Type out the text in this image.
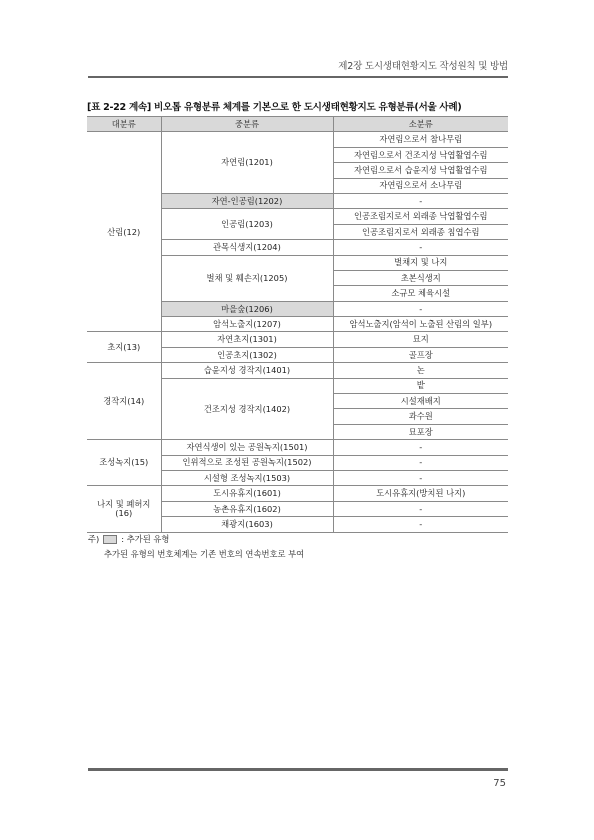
제2장 도시생태현황지도 작성원칙 및 방법
[표 2-22 계속] 비오톱 유형분류 체계를 기본으로 한 도시생태현황지도 유형분류(서울 사례)
대분류	중분류	소분류
산림(12)	자연림(1201)	자연림으로서 참나무림
		자연림으로서 건조지성 낙엽활엽수림
		자연림으로서 습윤지성 낙엽활엽수림
		자연림으로서 소나무림
	자연-인공림(1202)	-
	인공림(1203)	인공조림지로서 외래종 낙엽활엽수림
		인공조림지로서 외래종 침엽수림
	관목식생지(1204)	-
	벌채 및 훼손지(1205)	벌채지 및 나지
		초본식생지
		소규모 체육시설
	마을숲(1206)	-
	암석노출지(1207)	암석노출지(암석이 노출된 산림의 일부)
초지(13)	자연초지(1301)	묘지
	인공초지(1302)	골프장
경작지(14)	습윤지성 경작지(1401)	논
	건조지성 경작지(1402)	밭
		시설재배지
		과수원
		묘포장
조성녹지(15)	자연식생이 있는 공원녹지(1501)	-
	인위적으로 조성된 공원녹지(1502)	-
	시설형 조성녹지(1503)	-
나지 및 폐허지 (16)	도시유휴지(1601)	도시유휴지(방치된 나지)
	농촌유휴지(1602)	-
	채광지(1603)	-
주)	: 추가된 유형
추가된 유형의 번호체계는 기존 번호의 연속번호로 부여
75
